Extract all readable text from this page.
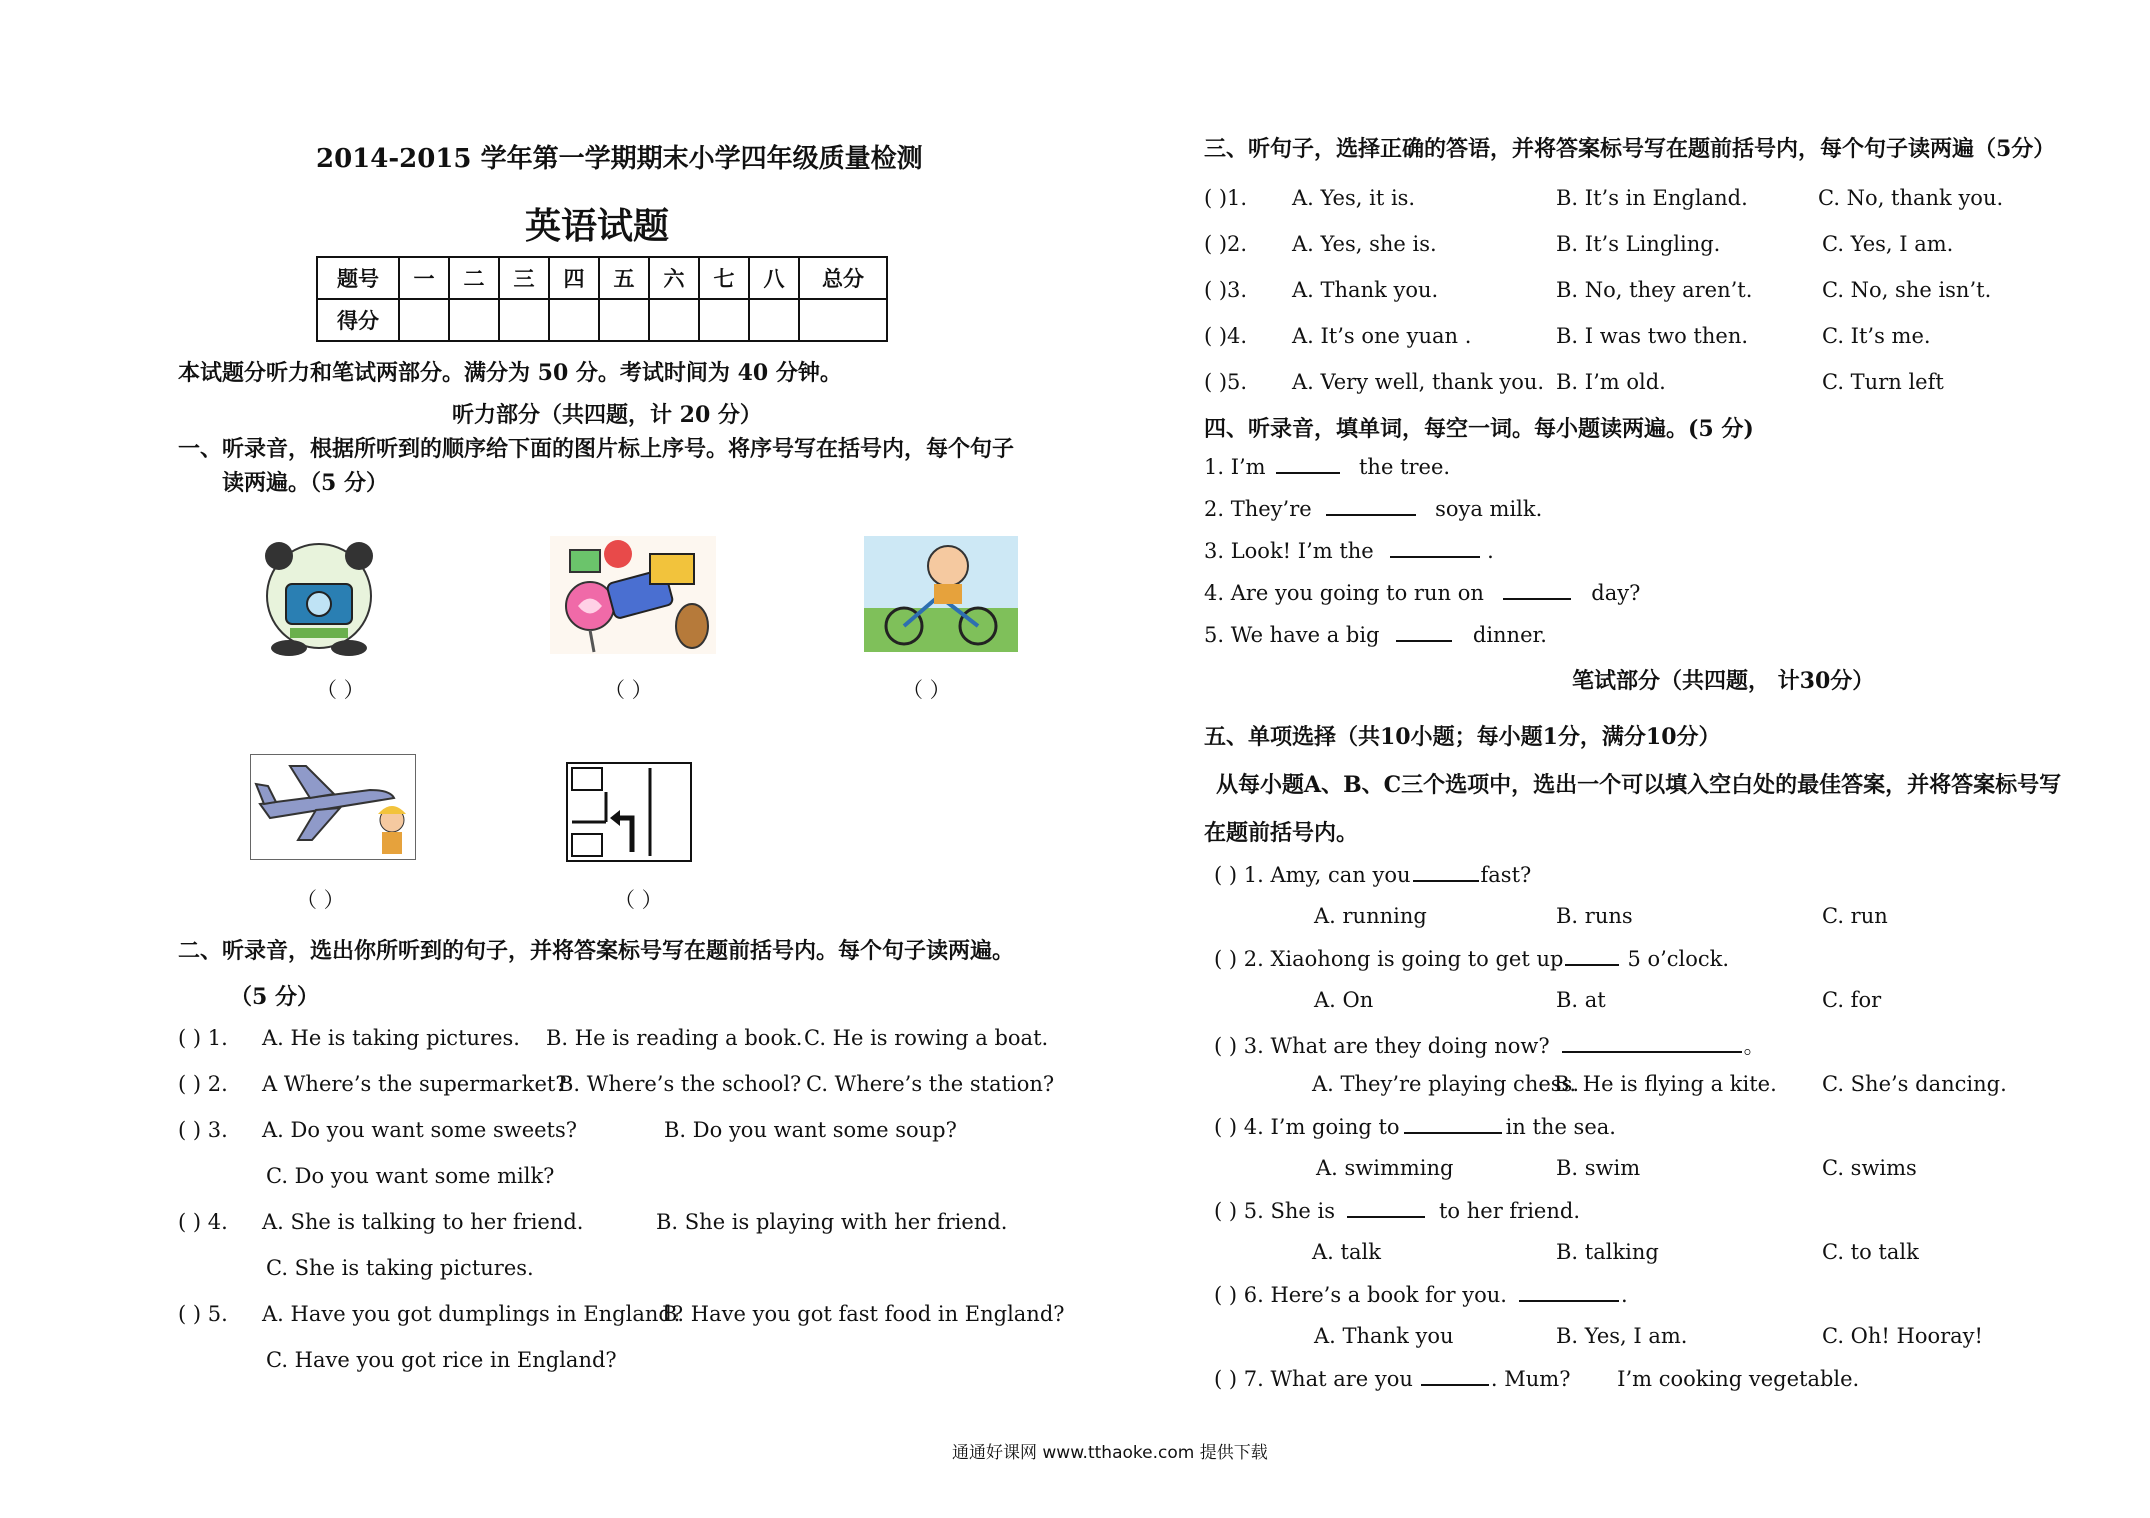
2014-2015 学年第一学期期末小学四年级质量检测
英语试题
题号	一	二	三	四	五	六	七	八	总分
得分									
本试题分听力和笔试两部分。满分为 50 分。考试时间为 40 分钟。
听力部分（共四题，计 20 分）
一、听录音，根据所听到的顺序给下面的图片标上序号。将序号写在括号内，每个句子
读两遍。（5 分）
（ ）	（ ）	（ ）
（ ）	（ ）
二、听录音，选出你所听到的句子，并将答案标号写在题前括号内。每个句子读两遍。
（5 分）
( ) 1. A. He is taking pictures. B. He is reading a book. C. He is rowing a boat.
( ) 2. A Where’s the supermarket?
B. Where’s the school? C. Where’s the station?
( ) 3. A. Do you want some sweets?	B. Do you want some soup?
C. Do you want some milk?
( ) 4. A. She is talking to her friend.	B. She is playing with her friend.
C. She is taking pictures.
( ) 5. A. Have you got dumplings in England?
B. Have you got fast food in England?
C. Have you got rice in England?
三、听句子，选择正确的答语，并将答案标号写在题前括号内，每个句子读两遍（5分）
( )1. A. Yes, it is.	B. It’s in England.	C. No, thank you.
( )2. A. Yes, she is.	B. It’s Lingling.	C. Yes, I am.
( )3. A. Thank you.	B. No, they aren’t.	C. No, she isn’t.
( )4. A. It’s one yuan .	B. I was two then.	C. It’s me.
( )5. A. Very well, thank you. B. I’m old.	C. Turn left
四、听录音，填单词，每空一词。每小题读两遍。(5 分)
1. I’m	the tree.
2. They’re	soya milk.
3. Look! I’m the	.
4. Are you going to run on	day?
5. We have a big	dinner.
笔试部分（共四题， 计30分）
五、单项选择（共10小题；每小题1分，满分10分）
从每小题A、B、C三个选项中，选出一个可以填入空白处的最佳答案，并将答案标号写
在题前括号内。
( ) 1. Amy, can you	fast?
A. running	B. runs	C. run
( ) 2. Xiaohong is going to get up	5 o’clock.
A. On	B. at	C. for
( ) 3. What are they doing now?	。
A. They’re playing chess.
B. He is flying a kite. C. She’s dancing.
( ) 4. I’m going to	in the sea.
A. swimming	B. swim	C. swims
( ) 5. She is	to her friend.
A. talk	B. talking	C. to talk
( ) 6. Here’s a book for you.	.
A. Thank you	B. Yes, I am.	C. Oh! Hooray!
( ) 7. What are you	. Mum? I’m cooking vegetable.
通通好课网 www.tthaoke.com 提供下载
